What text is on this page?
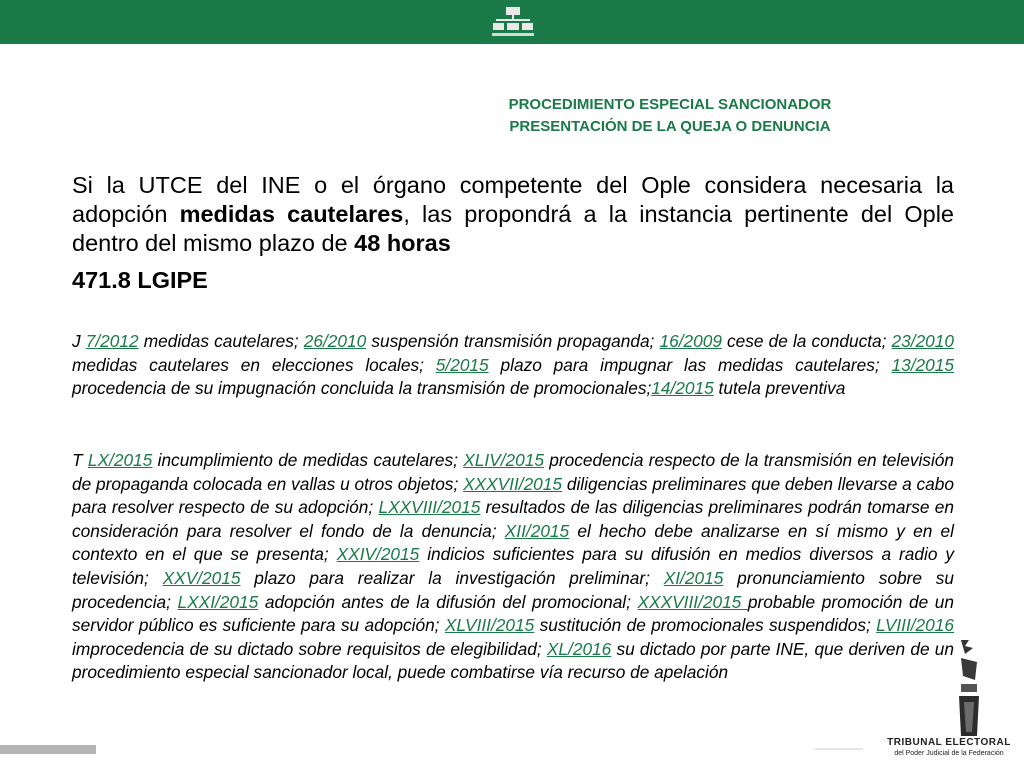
PROCEDIMIENTO ESPECIAL SANCIONADOR
PRESENTACIÓN DE LA QUEJA O DENUNCIA
Si la UTCE del INE o el órgano competente del Ople considera necesaria la adopción medidas cautelares, las propondrá a la instancia pertinente del Ople dentro del mismo plazo de 48 horas
471.8 LGIPE
J 7/2012 medidas cautelares; 26/2010 suspensión transmisión propaganda; 16/2009 cese de la conducta; 23/2010 medidas cautelares en elecciones locales; 5/2015 plazo para impugnar las medidas cautelares; 13/2015 procedencia de su impugnación concluida la transmisión de promocionales;14/2015 tutela preventiva
T LX/2015 incumplimiento de medidas cautelares; XLIV/2015 procedencia respecto de la transmisión en televisión de propaganda colocada en vallas u otros objetos; XXXVII/2015 diligencias preliminares que deben llevarse a cabo para resolver respecto de su adopción; LXXVIII/2015 resultados de las diligencias preliminares podrán tomarse en consideración para resolver el fondo de la denuncia; XII/2015 el hecho debe analizarse en sí mismo y en el contexto en el que se presenta; XXIV/2015 indicios suficientes para su difusión en medios diversos a radio y televisión; XXV/2015 plazo para realizar la investigación preliminar; XI/2015 pronunciamiento sobre su procedencia; LXXI/2015 adopción antes de la difusión del promocional; XXXVIII/2015 probable promoción de un servidor público es suficiente para su adopción; XLVIII/2015 sustitución de promocionales suspendidos; LVIII/2016 improcedencia de su dictado sobre requisitos de elegibilidad; XL/2016 su dictado por parte INE, que deriven de un procedimiento especial sancionador local, puede combatirse vía recurso de apelación
TRIBUNAL ELECTORAL
del Poder Judicial de la Federación
